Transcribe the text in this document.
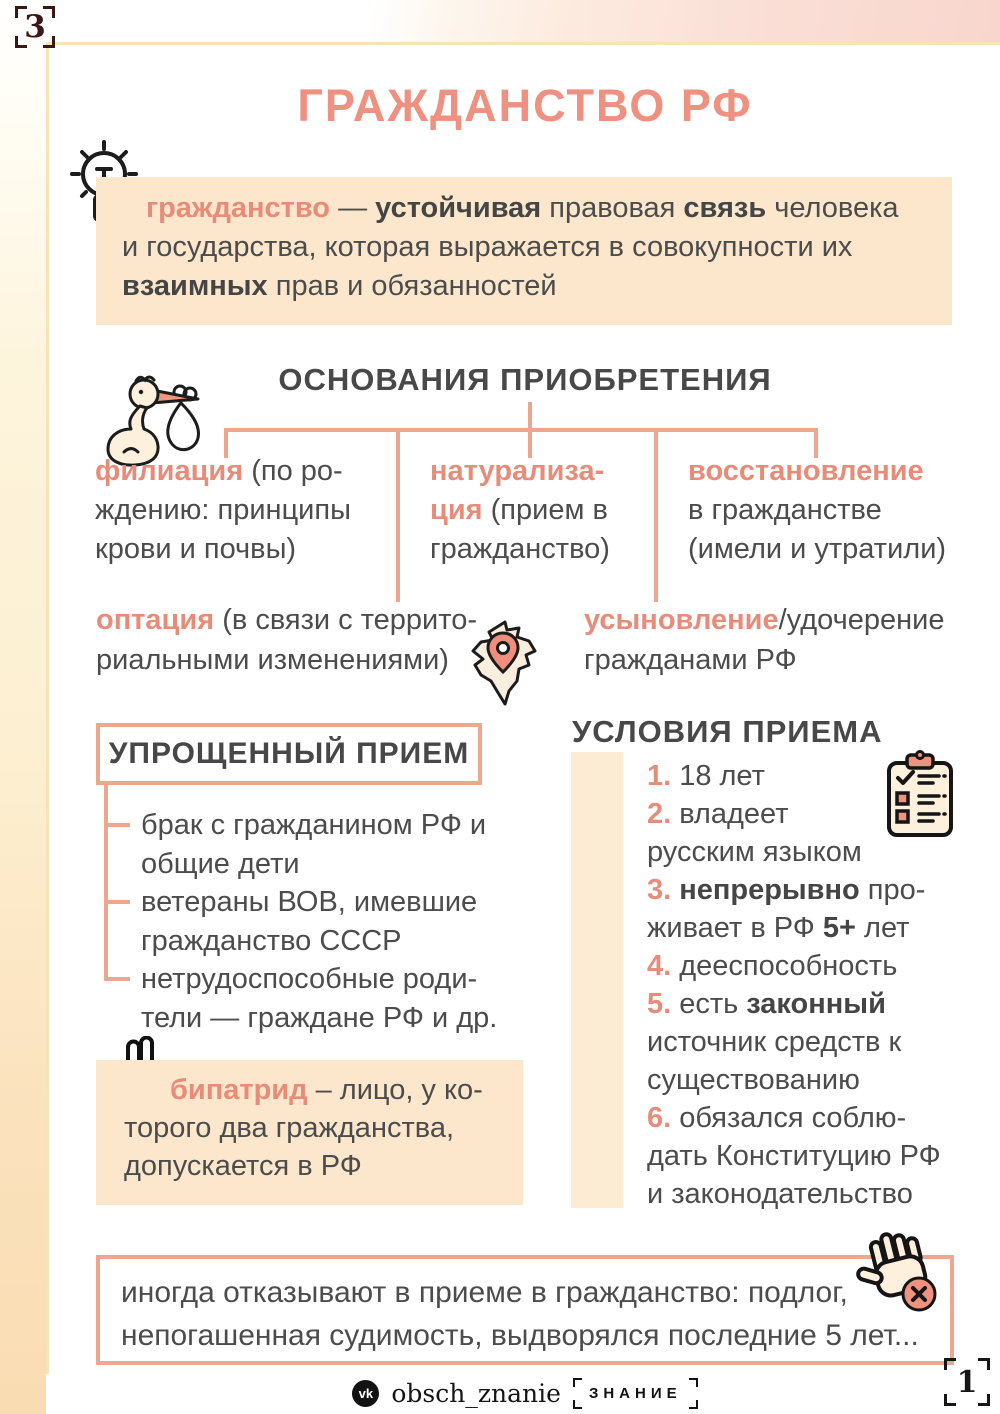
3
ГРАЖДАНСТВО РФ
гражданство — устойчивая правовая связь человека
и государства, которая выражается в совокупности их
взаимных прав и обязанностей
ОСНОВАНИЯ ПРИОБРЕТЕНИЯ
филиация (по ро-
ждению: принципы
крови и почвы)
натурализа-
ция (прием в
гражданство)
восстановление
в гражданстве
(имели и утратили)
оптация (в связи с террито-
риальными изменениями)
усыновление/удочерение
гражданами РФ
УПРОЩЕННЫЙ ПРИЕМ
брак с гражданином РФ и
общие дети
ветераны ВОВ, имевшие
гражданство СССР
нетрудоспособные роди-
тели — граждане РФ и др.
УСЛОВИЯ ПРИЕМА
1. 18 лет
2. владеет
русским языком
3. непрерывно про-
живает в РФ 5+ лет
4. дееспособность
5. есть законный
источник средств к
существованию
6. обязался соблю-
дать Конституцию РФ
и законодательство
бипатрид – лицо, у ко-
торого два гражданства,
допускается в РФ
иногда отказывают в приеме в гражданство: подлог,
непогашенная судимость, выдворялся последние 5 лет...
vk obsch_znanie	ЗНАНИЕ	1
